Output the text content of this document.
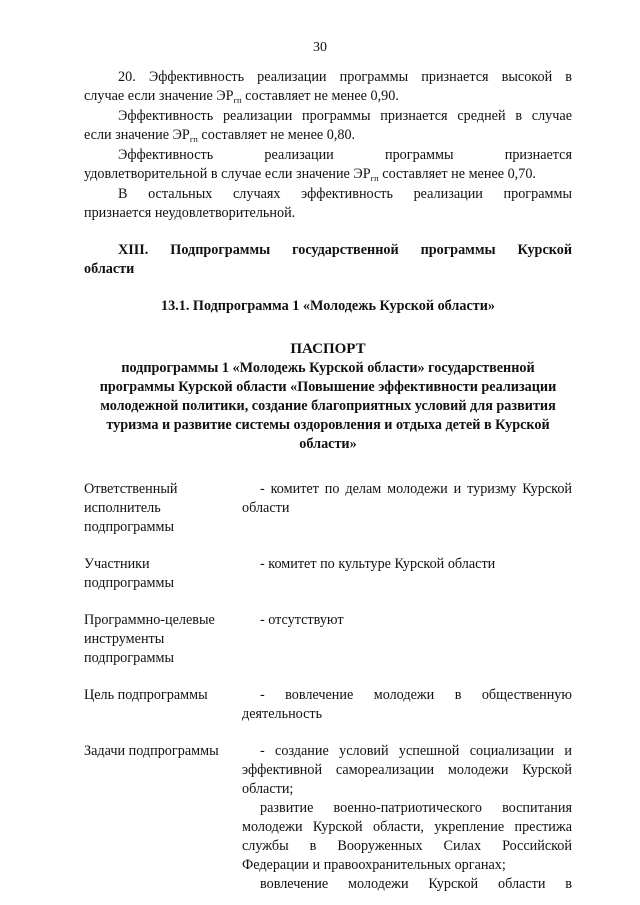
30

20. Эффективность реализации программы признается высокой в

случае если значение $ЭР_{гп}$ составляет не менее 0,90.

Эффективность реализации программы признается средней в случае

если значение $ЭР_{гп}$ составляет не менее 0,80.

Эффективность реализации программы признается

удовлетворительной в случае если значение $ЭР_{гп}$ составляет не менее 0,70.

В остальных случаях эффективность реализации программы

признается неудовлетворительной.

XIII. Подпрограммы государственной программы Курской
области

13.1. Подпрограмма 1 «Молодежь Курской области»

ПАСПОРТ

подпрограммы 1 «Молодежь Курской области» государственной программы Курской области «Повышение эффективности реализации молодежной политики, создание благоприятных условий для развития туризма и развитие системы оздоровления и отдыха детей в Курской области»

Ответственный исполнитель подпрограммы

- комитет по делам молодежи и туризму Курской области

Участники подпрограммы

- комитет по культуре Курской области

Программно-целевые инструменты подпрограммы

- отсутствуют

Цель подпрограммы	- вовлечение молодежи в общественную деятельность

Задачи подпрограммы	- создание условий успешной социализации и эффективной самореализации молодежи Курской области;

развитие военно-патриотического воспитания молодежи Курской области, укрепление престижа службы в Вооруженных Силах Российской Федерации и правоохранительных органах;

вовлечение молодежи Курской области в
